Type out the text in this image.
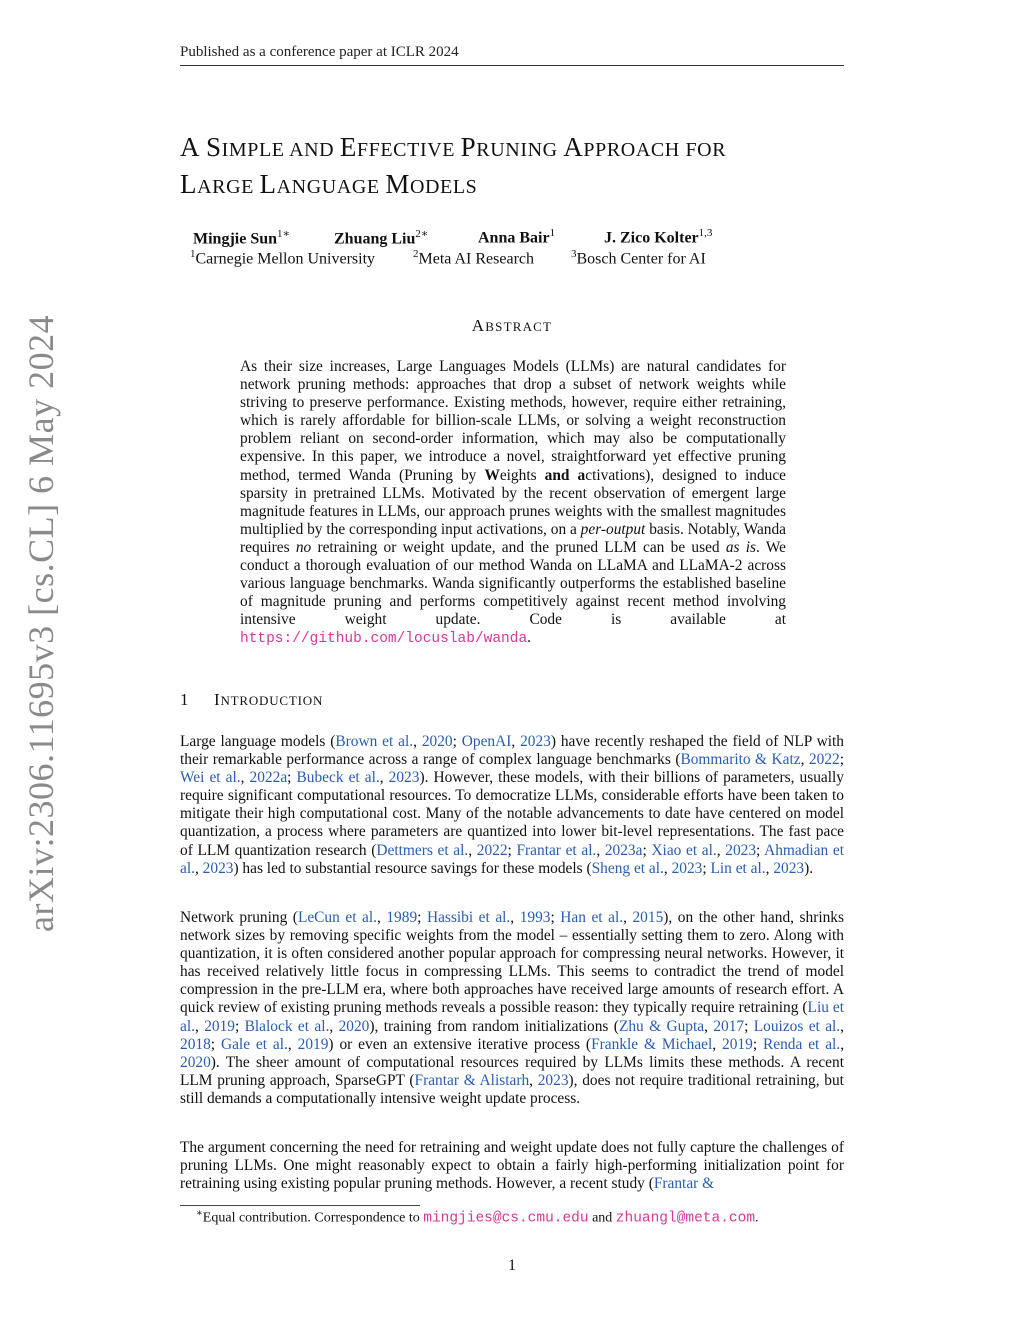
arXiv:2306.11695v3 [cs.CL] 6 May 2024
Published as a conference paper at ICLR 2024
A SIMPLE AND EFFECTIVE PRUNING APPROACH FOR
LARGE LANGUAGE MODELS
Mingjie Sun$^{1∗}$	Zhuang Liu$^{2∗}$	Anna Bair$^1$	J. Zico Kolter$^{1,3}$
$^1$Carnegie Mellon University	$^2$Meta AI Research	$^3$Bosch Center for AI
ABSTRACT
As their size increases, Large Languages Models (LLMs) are natural candidates for network pruning methods: approaches that drop a subset of network weights while striving to preserve performance. Existing methods, however, require either retraining, which is rarely affordable for billion-scale LLMs, or solving a weight reconstruction problem reliant on second-order information, which may also be computationally expensive. In this paper, we introduce a novel, straightforward yet effective pruning method, termed Wanda (Pruning by Weights and activations), designed to induce sparsity in pretrained LLMs. Motivated by the recent observation of emergent large magnitude features in LLMs, our approach prunes weights with the smallest magnitudes multiplied by the corresponding input activations, on a per-output basis. Notably, Wanda requires no retraining or weight update, and the pruned LLM can be used as is. We conduct a thorough evaluation of our method Wanda on LLaMA and LLaMA-2 across various language benchmarks. Wanda significantly outperforms the established baseline of magnitude pruning and performs competitively against recent method involving intensive weight update. Code is available at https://github.com/locuslab/wanda.
1 INTRODUCTION
Large language models (Brown et al., 2020; OpenAI, 2023) have recently reshaped the field of NLP with their remarkable performance across a range of complex language benchmarks (Bommarito & Katz, 2022; Wei et al., 2022a; Bubeck et al., 2023). However, these models, with their billions of parameters, usually require significant computational resources. To democratize LLMs, considerable efforts have been taken to mitigate their high computational cost. Many of the notable advancements to date have centered on model quantization, a process where parameters are quantized into lower bit-level representations. The fast pace of LLM quantization research (Dettmers et al., 2022; Frantar et al., 2023a; Xiao et al., 2023; Ahmadian et al., 2023) has led to substantial resource savings for these models (Sheng et al., 2023; Lin et al., 2023).
Network pruning (LeCun et al., 1989; Hassibi et al., 1993; Han et al., 2015), on the other hand, shrinks network sizes by removing specific weights from the model – essentially setting them to zero. Along with quantization, it is often considered another popular approach for compressing neural networks. However, it has received relatively little focus in compressing LLMs. This seems to contradict the trend of model compression in the pre-LLM era, where both approaches have received large amounts of research effort. A quick review of existing pruning methods reveals a possible reason: they typically require retraining (Liu et al., 2019; Blalock et al., 2020), training from random initializations (Zhu & Gupta, 2017; Louizos et al., 2018; Gale et al., 2019) or even an extensive iterative process (Frankle & Michael, 2019; Renda et al., 2020). The sheer amount of computational resources required by LLMs limits these methods. A recent LLM pruning approach, SparseGPT (Frantar & Alistarh, 2023), does not require traditional retraining, but still demands a computationally intensive weight update process.
The argument concerning the need for retraining and weight update does not fully capture the challenges of pruning LLMs. One might reasonably expect to obtain a fairly high-performing initialization point for retraining using existing popular pruning methods. However, a recent study (Frantar &
∗Equal contribution. Correspondence to mingjies@cs.cmu.edu and zhuangl@meta.com.
1
